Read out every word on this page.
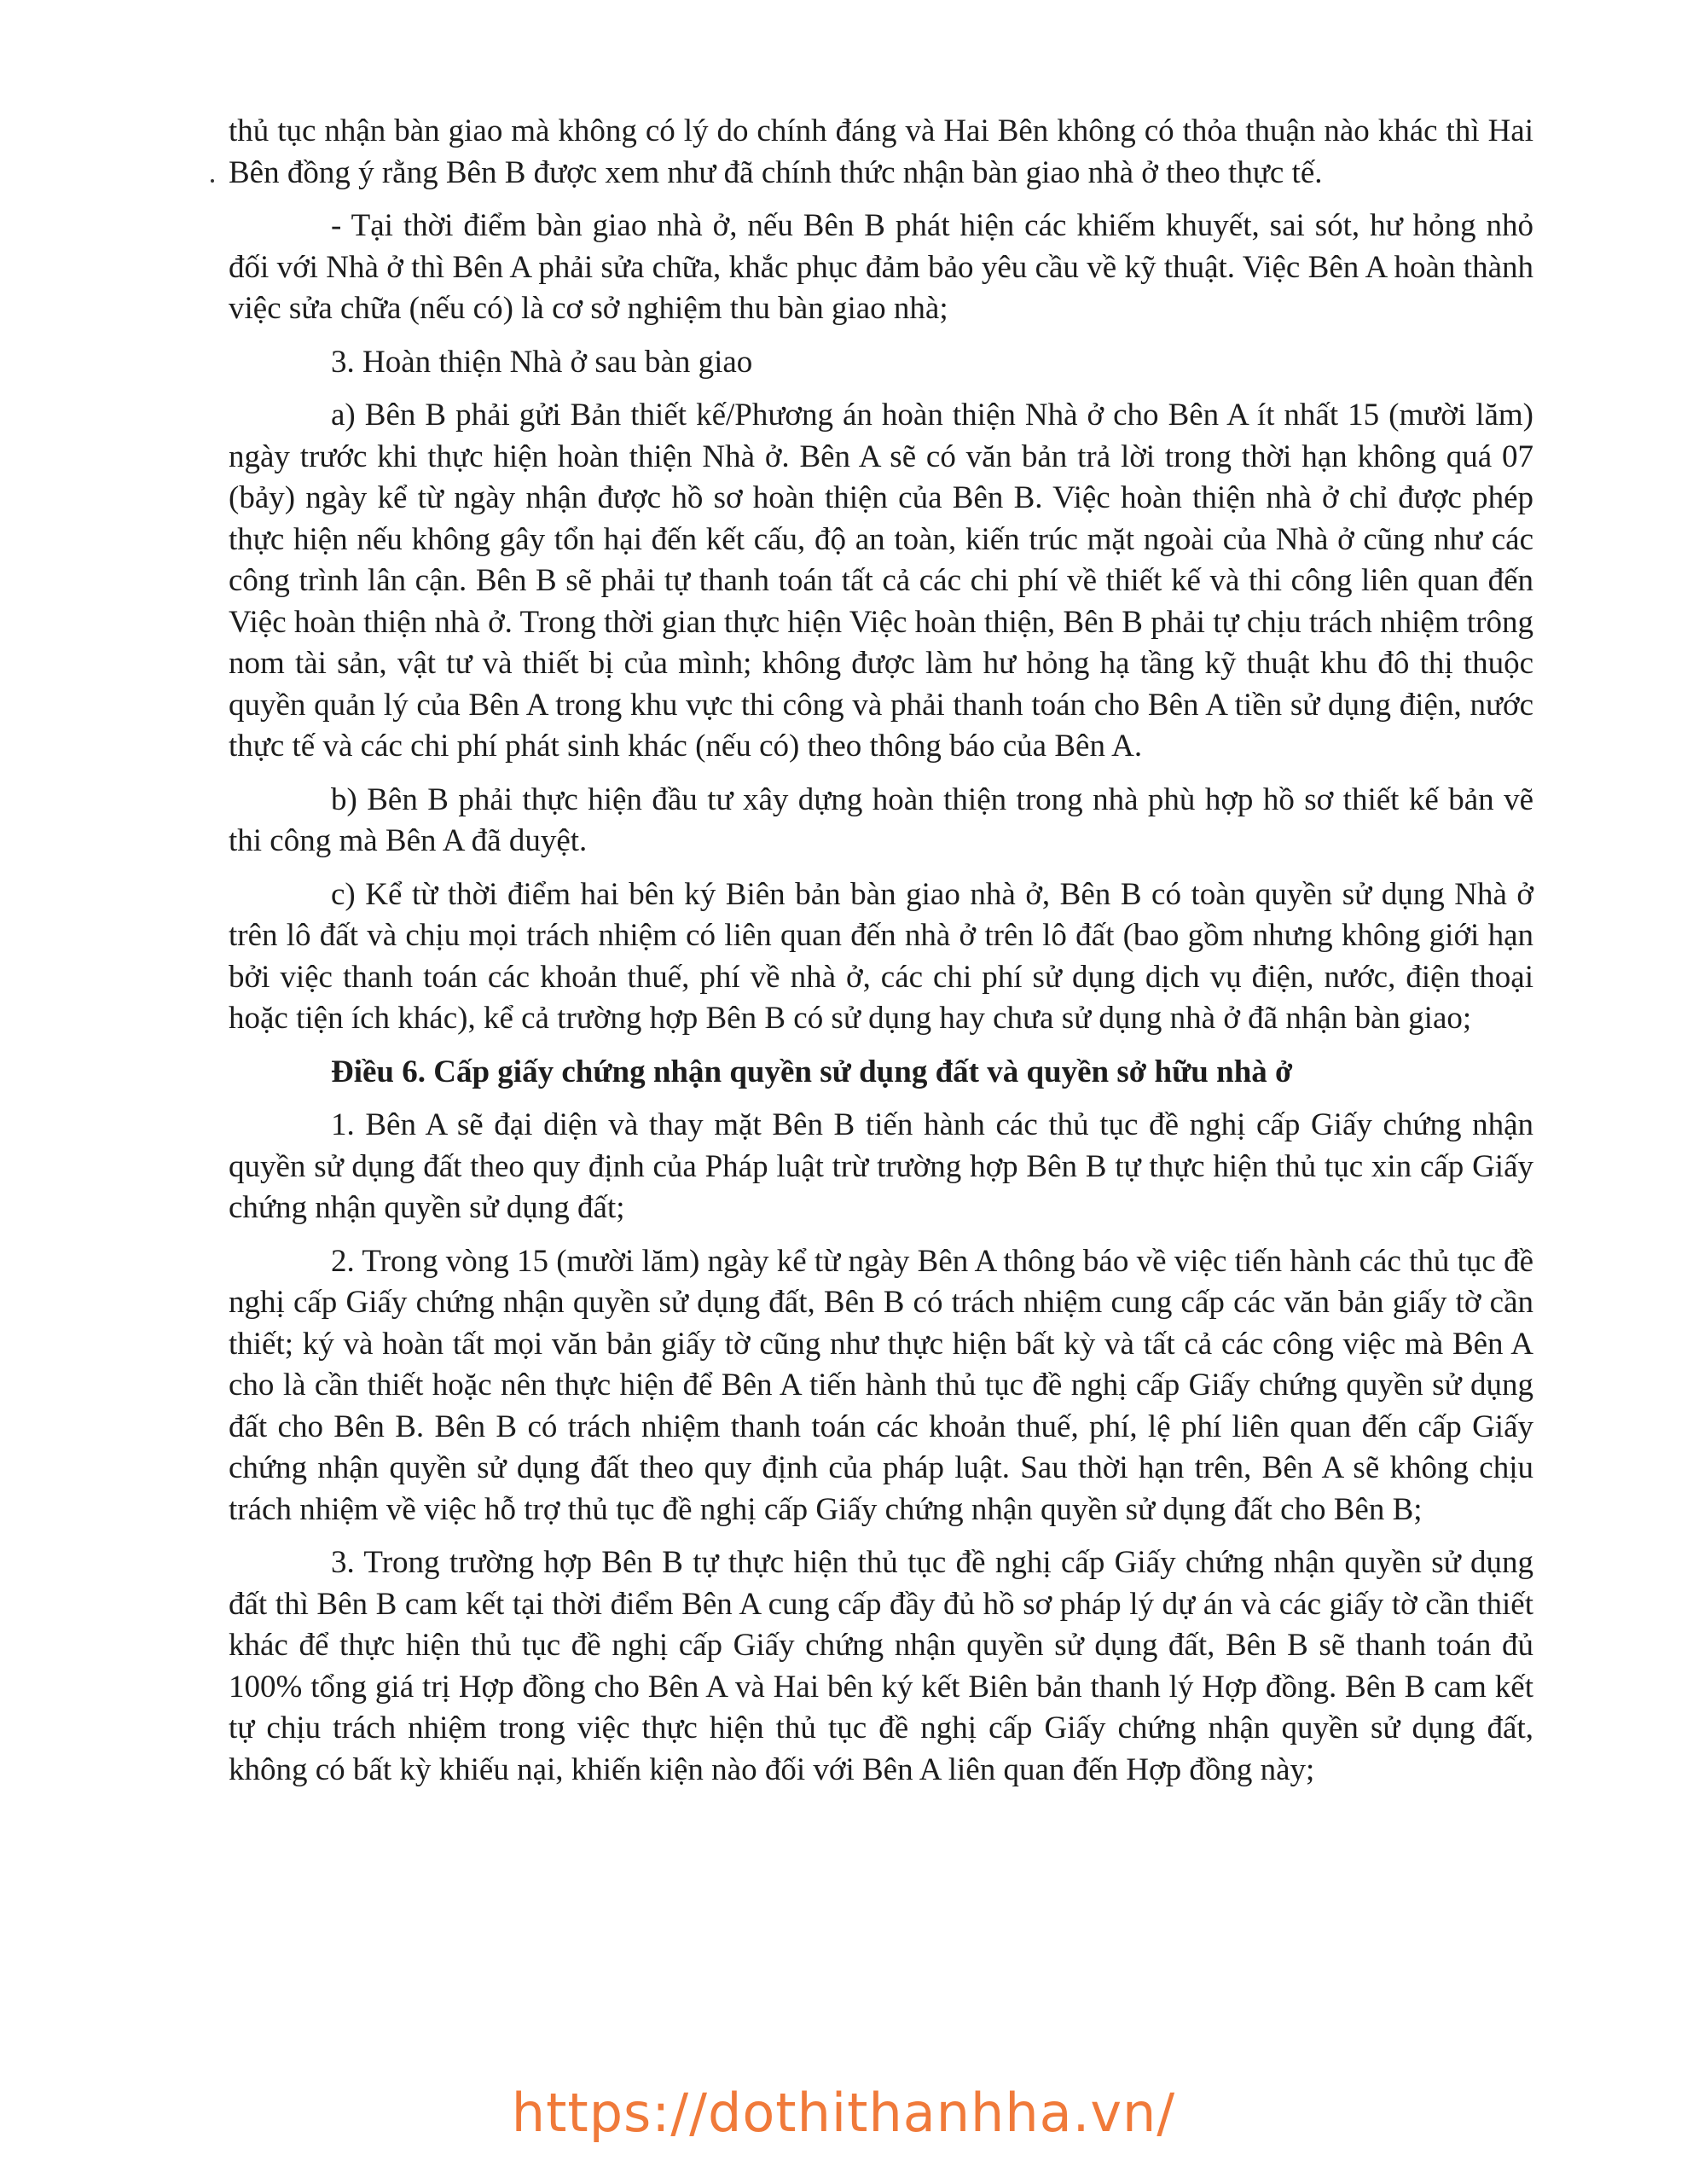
thủ tục nhận bàn giao mà không có lý do chính đáng và Hai Bên không có thỏa thuận nào khác thì Hai Bên đồng ý rằng Bên B được xem như đã chính thức nhận bàn giao nhà ở theo thực tế.

- Tại thời điểm bàn giao nhà ở, nếu Bên B phát hiện các khiếm khuyết, sai sót, hư hỏng nhỏ đối với Nhà ở thì Bên A phải sửa chữa, khắc phục đảm bảo yêu cầu về kỹ thuật. Việc Bên A hoàn thành việc sửa chữa (nếu có) là cơ sở nghiệm thu bàn giao nhà;

3. Hoàn thiện Nhà ở sau bàn giao

a) Bên B phải gửi Bản thiết kế/Phương án hoàn thiện Nhà ở cho Bên A ít nhất 15 (mười lăm) ngày trước khi thực hiện hoàn thiện Nhà ở. Bên A sẽ có văn bản trả lời trong thời hạn không quá 07 (bảy) ngày kể từ ngày nhận được hồ sơ hoàn thiện của Bên B. Việc hoàn thiện nhà ở chỉ được phép thực hiện nếu không gây tổn hại đến kết cấu, độ an toàn, kiến trúc mặt ngoài của Nhà ở cũng như các công trình lân cận. Bên B sẽ phải tự thanh toán tất cả các chi phí về thiết kế và thi công liên quan đến Việc hoàn thiện nhà ở. Trong thời gian thực hiện Việc hoàn thiện, Bên B phải tự chịu trách nhiệm trông nom tài sản, vật tư và thiết bị của mình; không được làm hư hỏng hạ tầng kỹ thuật khu đô thị thuộc quyền quản lý của Bên A trong khu vực thi công và phải thanh toán cho Bên A tiền sử dụng điện, nước thực tế và các chi phí phát sinh khác (nếu có) theo thông báo của Bên A.

b) Bên B phải thực hiện đầu tư xây dựng hoàn thiện trong nhà phù hợp hồ sơ thiết kế bản vẽ thi công mà Bên A đã duyệt.

c) Kể từ thời điểm hai bên ký Biên bản bàn giao nhà ở, Bên B có toàn quyền sử dụng Nhà ở trên lô đất và chịu mọi trách nhiệm có liên quan đến nhà ở trên lô đất (bao gồm nhưng không giới hạn bởi việc thanh toán các khoản thuế, phí về nhà ở, các chi phí sử dụng dịch vụ điện, nước, điện thoại hoặc tiện ích khác), kể cả trường hợp Bên B có sử dụng hay chưa sử dụng nhà ở đã nhận bàn giao;

Điều 6. Cấp giấy chứng nhận quyền sử dụng đất và quyền sở hữu nhà ở

1. Bên A sẽ đại diện và thay mặt Bên B tiến hành các thủ tục đề nghị cấp Giấy chứng nhận quyền sử dụng đất theo quy định của Pháp luật trừ trường hợp Bên B tự thực hiện thủ tục xin cấp Giấy chứng nhận quyền sử dụng đất;

2. Trong vòng 15 (mười lăm) ngày kể từ ngày Bên A thông báo về việc tiến hành các thủ tục đề nghị cấp Giấy chứng nhận quyền sử dụng đất, Bên B có trách nhiệm cung cấp các văn bản giấy tờ cần thiết; ký và hoàn tất mọi văn bản giấy tờ cũng như thực hiện bất kỳ và tất cả các công việc mà Bên A cho là cần thiết hoặc nên thực hiện để Bên A tiến hành thủ tục đề nghị cấp Giấy chứng quyền sử dụng đất cho Bên B. Bên B có trách nhiệm thanh toán các khoản thuế, phí, lệ phí liên quan đến cấp Giấy chứng nhận quyền sử dụng đất theo quy định của pháp luật. Sau thời hạn trên, Bên A sẽ không chịu trách nhiệm về việc hỗ trợ thủ tục đề nghị cấp Giấy chứng nhận quyền sử dụng đất cho Bên B;

3. Trong trường hợp Bên B tự thực hiện thủ tục đề nghị cấp Giấy chứng nhận quyền sử dụng đất thì Bên B cam kết tại thời điểm Bên A cung cấp đầy đủ hồ sơ pháp lý dự án và các giấy tờ cần thiết khác để thực hiện thủ tục đề nghị cấp Giấy chứng nhận quyền sử dụng đất, Bên B sẽ thanh toán đủ 100% tổng giá trị Hợp đồng cho Bên A và Hai bên ký kết Biên bản thanh lý Hợp đồng. Bên B cam kết tự chịu trách nhiệm trong việc thực hiện thủ tục đề nghị cấp Giấy chứng nhận quyền sử dụng đất, không có bất kỳ khiếu nại, khiến kiện nào đối với Bên A liên quan đến Hợp đồng này;

https://dothithanhha.vn/
